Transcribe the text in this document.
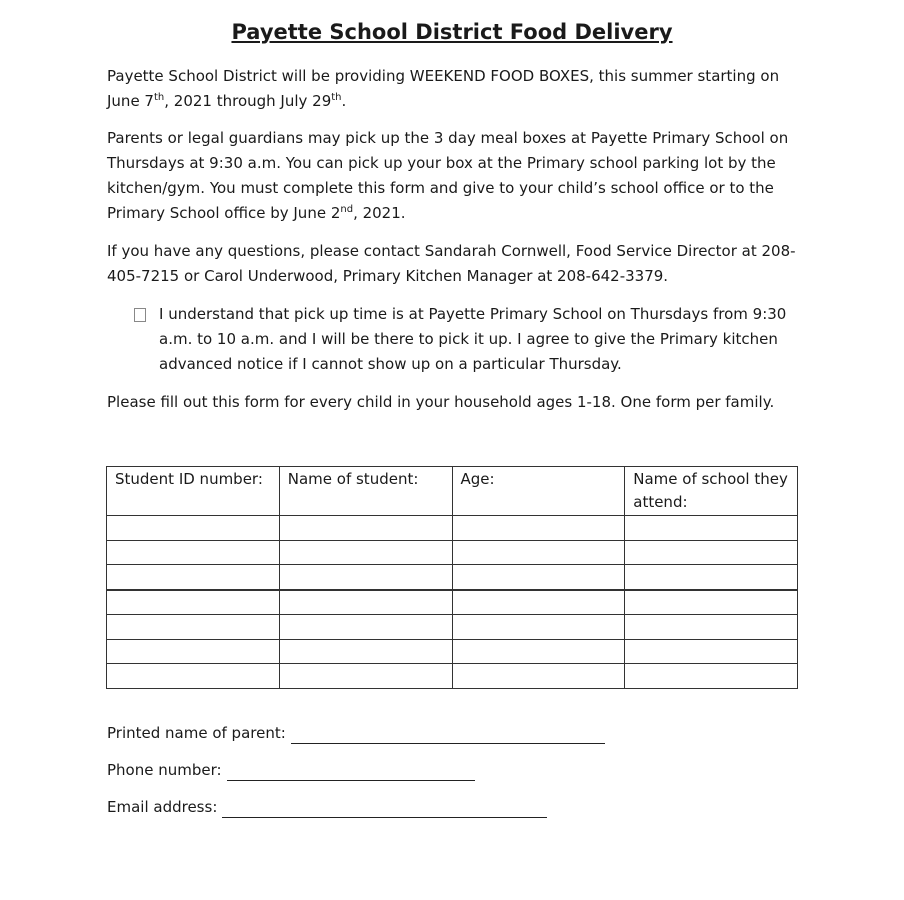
Payette School District Food Delivery

Payette School District will be providing WEEKEND FOOD BOXES, this summer starting on June 7th, 2021 through July 29th.

Parents or legal guardians may pick up the 3 day meal boxes at Payette Primary School on Thursdays at 9:30 a.m. You can pick up your box at the Primary school parking lot by the kitchen/gym. You must complete this form and give to your child’s school office or to the Primary School office by June 2nd, 2021.

If you have any questions, please contact Sandarah Cornwell, Food Service Director at 208-405-7215 or Carol Underwood, Primary Kitchen Manager at 208-642-3379.

I understand that pick up time is at Payette Primary School on Thursdays from 9:30 a.m. to 10 a.m. and I will be there to pick it up. I agree to give the Primary kitchen advanced notice if I cannot show up on a particular Thursday.

Please fill out this form for every child in your household ages 1-18. One form per family.

Student ID number:	Name of student:	Age:	Name of school they attend:

Printed name of parent:
Phone number:
Email address:
